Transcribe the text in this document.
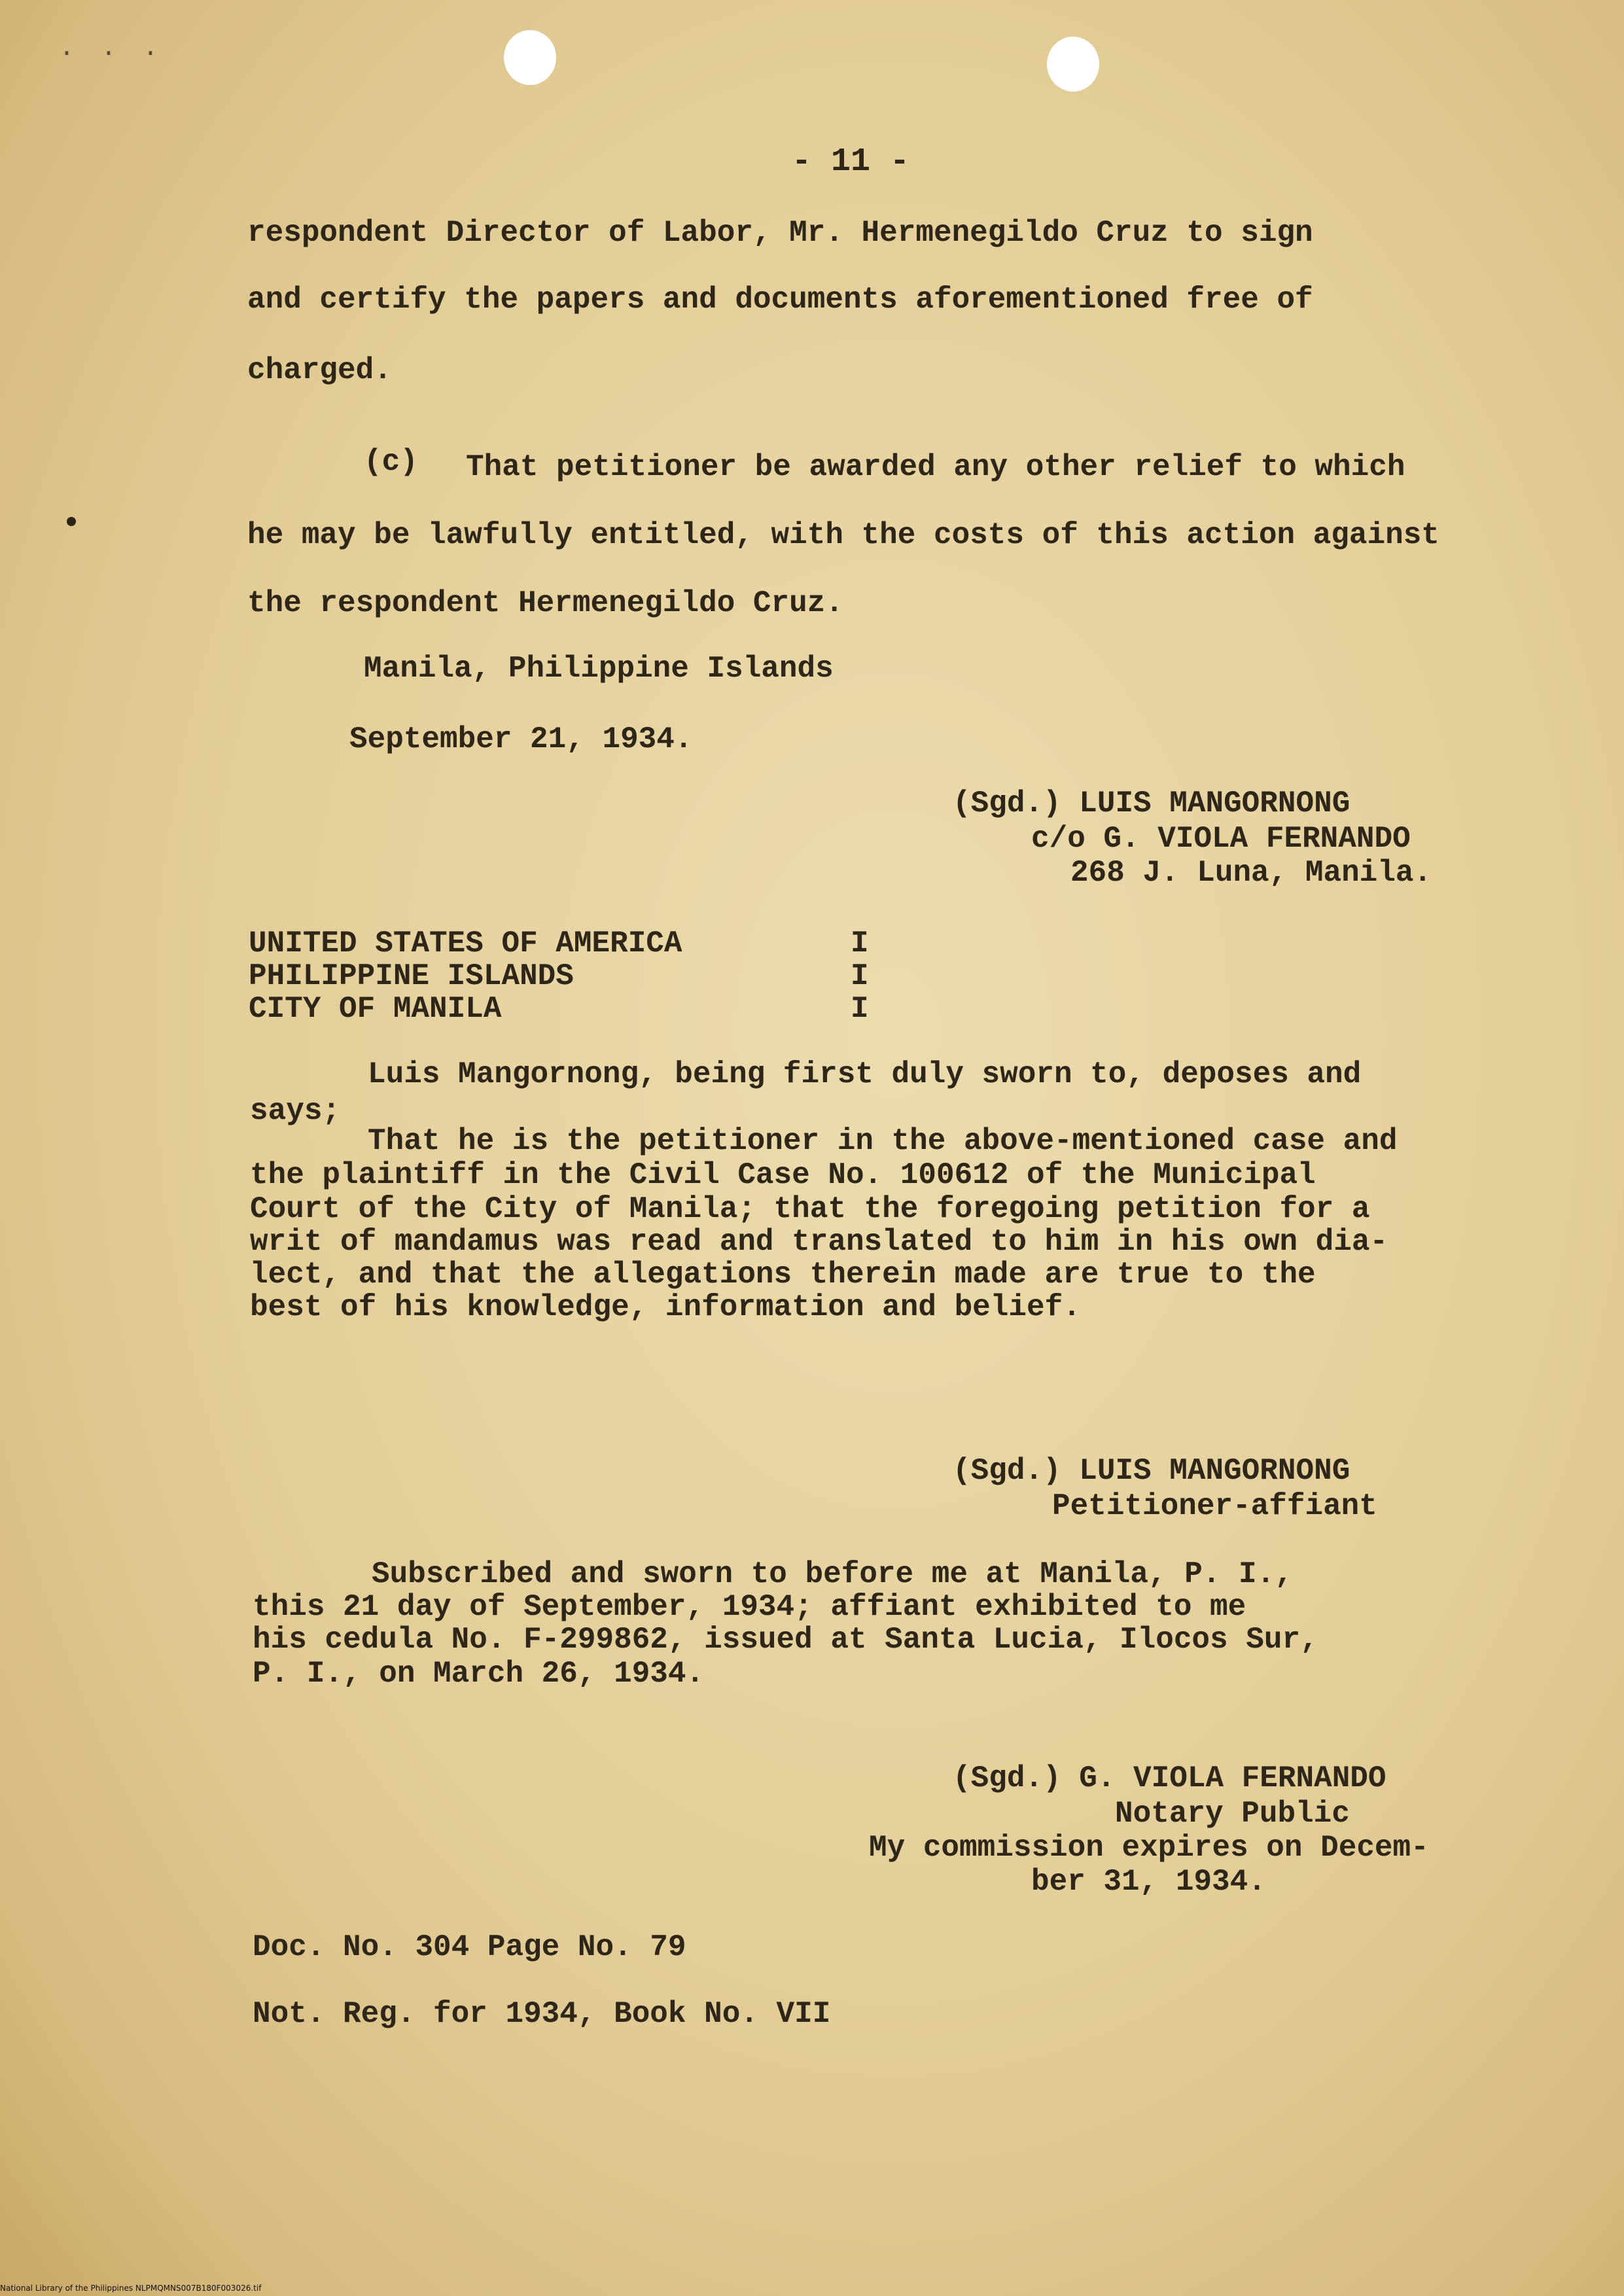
· · ·
- 11 -
respondent Director of Labor, Mr. Hermenegildo Cruz to sign
and certify the papers and documents aforementioned free of
charged.
(c) That petitioner be awarded any other relief to which
he may be lawfully entitled, with the costs of this action against
the respondent Hermenegildo Cruz.
Manila, Philippine Islands
September 21, 1934.
(Sgd.) LUIS MANGORNONG
c/o G. VIOLA FERNANDO
268 J. Luna, Manila.
UNITED STATES OF AMERICA
PHILIPPINE ISLANDS
CITY OF MANILA
I
I
I
Luis Mangornong, being first duly sworn to, deposes and
says;
That he is the petitioner in the above-mentioned case and
the plaintiff in the Civil Case No. 100612 of the Municipal
Court of the City of Manila; that the foregoing petition for a
writ of mandamus was read and translated to him in his own dia-
lect, and that the allegations therein made are true to the
best of his knowledge, information and belief.
(Sgd.) LUIS MANGORNONG
Petitioner-affiant
Subscribed and sworn to before me at Manila, P. I.,
this 21 day of September, 1934; affiant exhibited to me
his cedula No. F-299862, issued at Santa Lucia, Ilocos Sur,
P. I., on March 26, 1934.
(Sgd.) G. VIOLA FERNANDO
Notary Public
My commission expires on Decem-
ber 31, 1934.
Doc. No. 304 Page No. 79
Not. Reg. for 1934, Book No. VII
National Library of the Philippines NLPMQMNS007B180F003026.tif
